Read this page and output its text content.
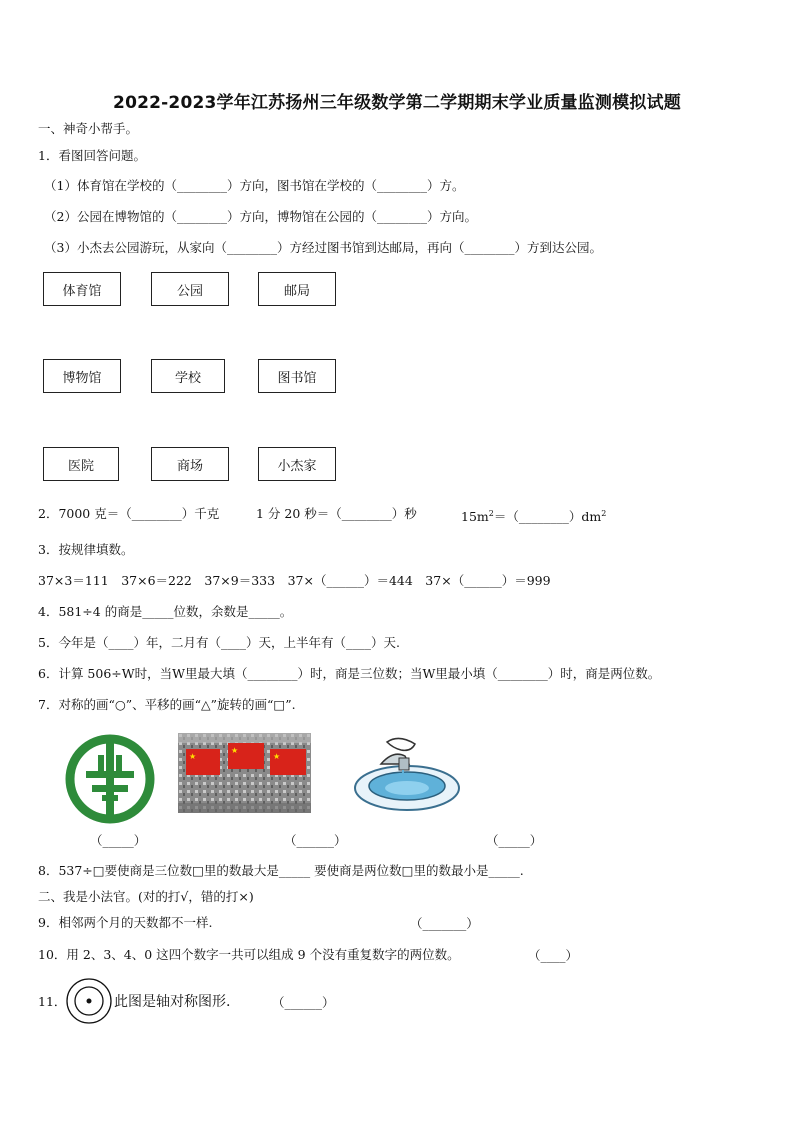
2022-2023学年江苏扬州三年级数学第二学期期末学业质量监测模拟试题
一、神奇小帮手。
1．看图回答问题。
（1）体育馆在学校的（________）方向，图书馆在学校的（________）方。
（2）公园在博物馆的（________）方向，博物馆在公园的（________）方向。
（3）小杰去公园游玩，从家向（________）方经过图书馆到达邮局，再向（________）方到达公园。
体育馆	公园	邮局
博物馆	学校	图书馆
医院	商场	小杰家
2．7000 克＝（________）千克	1 分 20 秒＝（________）秒	$15m^2=(\_\_\_\_\_\_\_\_)dm^2$
3．按规律填数。
37×3＝111　37×6＝222　37×9＝333　37×（______）＝444　37×（______）＝999
4．581÷4 的商是_____位数，余数是_____。
5．今年是（____）年，二月有（____）天，上半年有（____）天.
6．计算 506÷W时，当W里最大填（________）时，商是三位数；当W里最小填（________）时，商是两位数。
7．对称的画“○”、平移的画“△”旋转的画“□”.
★
★
★
（_____）	（______）	（_____）
8．537÷□要使商是三位数□里的数最大是_____ 要使商是两位数□里的数最小是_____.
二、我是小法官。(对的打√，错的打×)
9．相邻两个月的天数都不一样.	（_______）
10．用 2、3、4、0 这四个数字一共可以组成 9 个没有重复数字的两位数。	（____）
11．	此图是轴对称图形.	（______）
